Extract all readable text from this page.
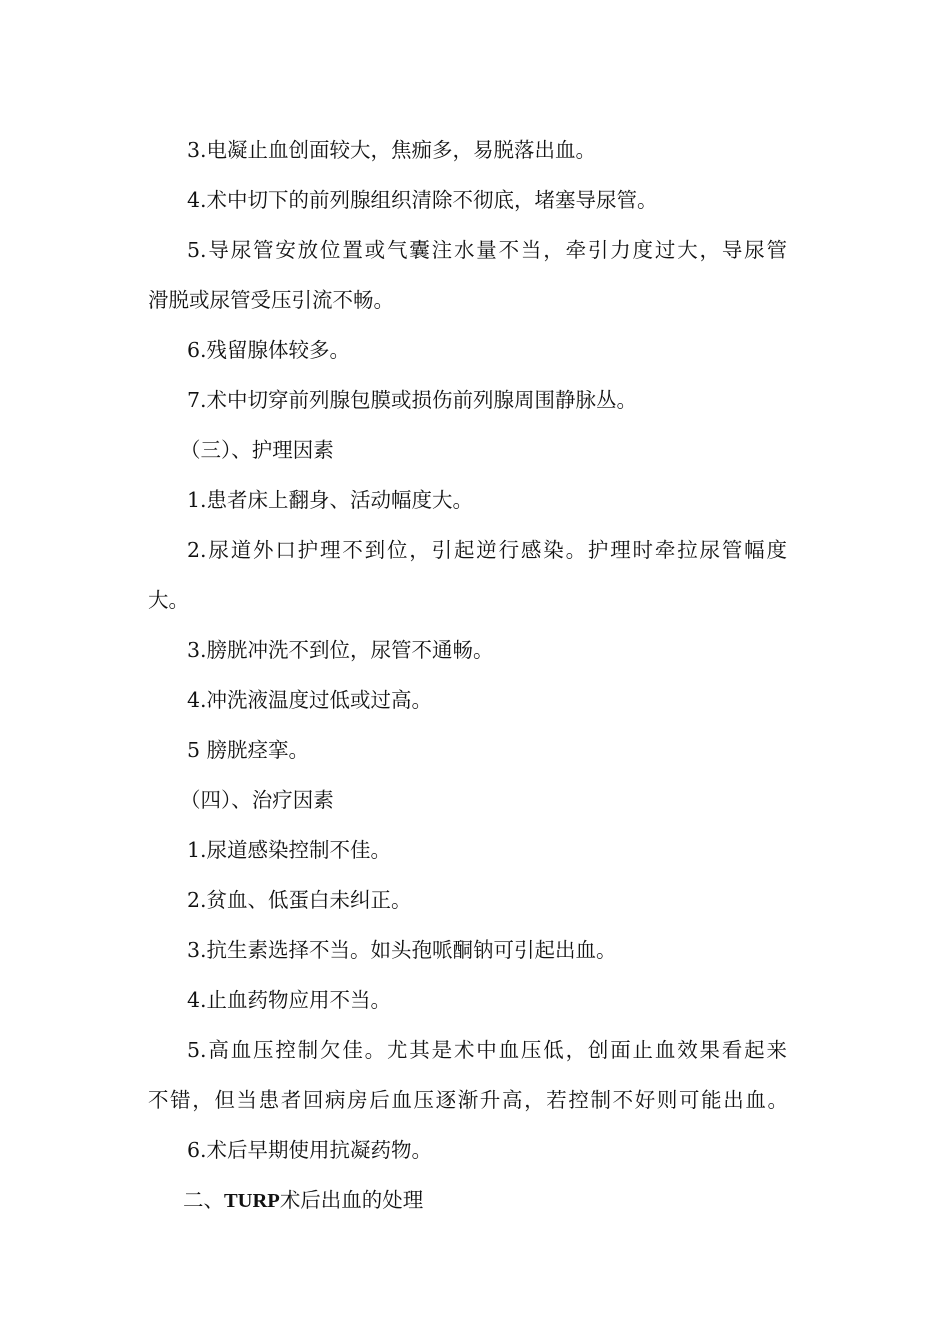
3.电凝止血创面较大，焦痂多，易脱落出血。
4.术中切下的前列腺组织清除不彻底，堵塞导尿管。
5.导尿管安放位置或气囊注水量不当，牵引力度过大，导尿管
滑脱或尿管受压引流不畅。
6.残留腺体较多。
7.术中切穿前列腺包膜或损伤前列腺周围静脉丛。
（三）、护理因素
1.患者床上翻身、活动幅度大。
2.尿道外口护理不到位，引起逆行感染。护理时牵拉尿管幅度
大。
3.膀胱冲洗不到位，尿管不通畅。
4.冲洗液温度过低或过高。
5 膀胱痉挛。
（四）、治疗因素
1.尿道感染控制不佳。
2.贫血、低蛋白未纠正。
3.抗生素选择不当。如头孢哌酮钠可引起出血。
4.止血药物应用不当。
5.高血压控制欠佳。尤其是术中血压低，创面止血效果看起来
不错，但当患者回病房后血压逐渐升高，若控制不好则可能出血。
6.术后早期使用抗凝药物。
二、TURP术后出血的处理
